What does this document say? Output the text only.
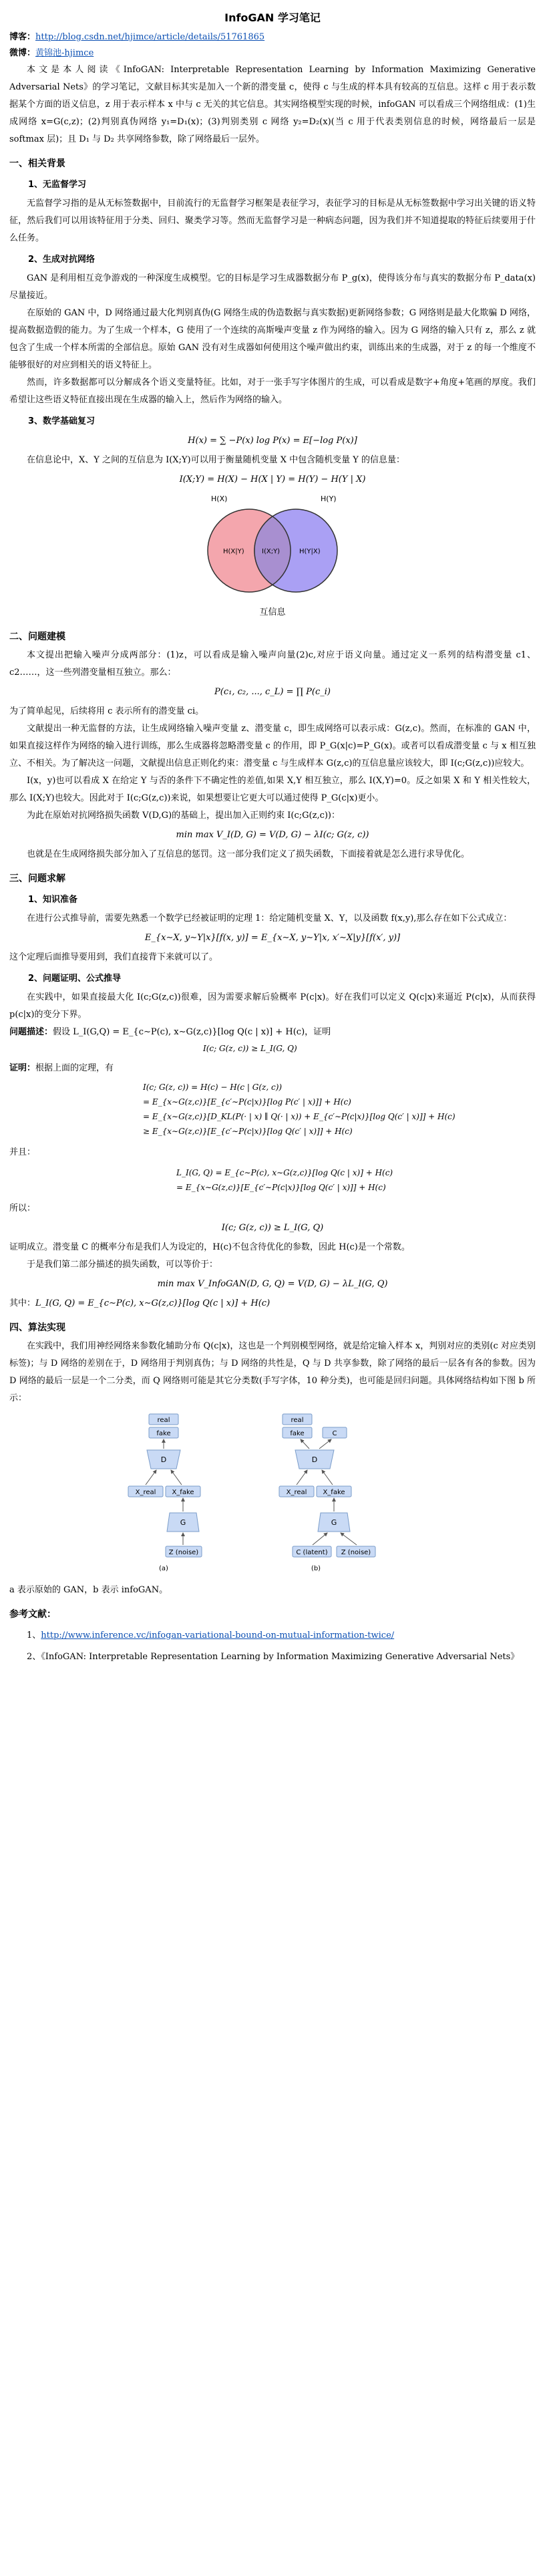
InfoGAN 学习笔记
博客：http://blog.csdn.net/hjimce/article/details/51761865
微博：黄锦池-hjimce

本文是本人阅读《InfoGAN: Interpretable Representation Learning by Information Maximizing Generative Adversarial Nets》的学习笔记，文献目标其实是加入一个新的潜变量 c，使得 c 与生成的样本具有较高的互信息。这样 c 用于表示数据某个方面的语义信息，z 用于表示样本 x 中与 c 无关的其它信息。其实网络模型实现的时候，infoGAN 可以看成三个网络组成：(1)生成网络 x=G(c,z)；(2)判别真伪网络 y₁=D₁(x)；(3)判别类别 c 网络 y₂=D₂(x)(当 c 用于代表类别信息的时候，网络最后一层是 softmax 层)；且 D₁ 与 D₂ 共享网络参数，除了网络最后一层外。

一、相关背景
1、无监督学习

无监督学习指的是从无标签数据中，目前流行的无监督学习框架是表征学习，表征学习的目标是从无标签数据中学习出关键的语义特征，然后我们可以用该特征用于分类、回归、聚类学习等。然而无监督学习是一种病态问题，因为我们并不知道提取的特征后续要用于什么任务。

2、生成对抗网络

GAN 是利用相互竞争游戏的一种深度生成模型。它的目标是学习生成器数据分布 P_g(x)，使得该分布与真实的数据分布 P_data(x)尽量接近。

在原始的 GAN 中，D 网络通过最大化判别真伪(G 网络生成的伪造数据与真实数据)更新网络参数；G 网络则是最大化欺骗 D 网络，提高数据造假的能力。为了生成一个样本，G 使用了一个连续的高斯噪声变量 z 作为网络的输入。因为 G 网络的输入只有 z，那么 z 就包含了生成一个样本所需的全部信息。原始 GAN 没有对生成器如何使用这个噪声做出约束，训练出来的生成器，对于 z 的每一个维度不能够很好的对应到相关的语义特征上。

然而，许多数据都可以分解成各个语义变量特征。比如，对于一张手写字体图片的生成，可以看成是数字+角度+笔画的厚度。我们希望让这些语义特征直接出现在生成器的输入上，然后作为网络的输入。

3、数学基础复习
H(x) = ∑ −P(x) log P(x) = E[−log P(x)]

在信息论中，X、Y 之间的互信息为 I(X;Y)可以用于衡量随机变量 X 中包含随机变量 Y 的信息量：

I(X;Y) = H(X) − H(X | Y) = H(Y) − H(Y | X)
H(X)	H(Y)
H(X|Y)	I(X;Y)	H(Y|X)
互信息
二、问题建模

本文提出把输入噪声分成两部分：(1)z，可以看成是输入噪声向量(2)c,对应于语义向量。通过定义一系列的结构潜变量 c1、c2……，这一些列潜变量相互独立。那么：

P(c₁, c₂, ..., c_L) = ∏ P(c_i)

为了简单起见，后续将用 c 表示所有的潜变量 ci。

文献提出一种无监督的方法，让生成网络输入噪声变量 z、潜变量 c，即生成网络可以表示成：G(z,c)。然而，在标准的 GAN 中，如果直接这样作为网络的输入进行训练，那么生成器将忽略潜变量 c 的作用，即 P_G(x|c)=P_G(x)。或者可以看成潜变量 c 与 x 相互独立、不相关。为了解决这一问题，文献提出信息正则化约束：潜变量 c 与生成样本 G(z,c)的互信息量应该较大，即 I(c;G(z,c))应较大。

I(x，y)也可以看成 X 在给定 Y 与否的条件下不确定性的差值,如果 X,Y 相互独立，那么 I(X,Y)=0。反之如果 X 和 Y 相关性较大，那么 I(X;Y)也较大。因此对于 I(c;G(z,c))来说，如果想要让它更大可以通过使得 P_G(c|x)更小。

为此在原始对抗网络损失函数 V(D,G)的基础上，提出加入正则约束 I(c;G(z,c))：

min max V_I(D, G) = V(D, G) − λI(c; G(z, c))

也就是在生成网络损失部分加入了互信息的惩罚。这一部分我们定义了损失函数，下面接着就是怎么进行求导优化。

三、问题求解
1、知识准备

在进行公式推导前，需要先熟悉一个数学已经被证明的定理 1：给定随机变量 X、Y，以及函数 f(x,y),那么存在如下公式成立：

E_{x∼X, y∼Y|x}[f(x, y)] = E_{x∼X, y∼Y|x, x′∼X|y}[f(x′, y)]

这个定理后面推导要用到，我们直接背下来就可以了。

2、问题证明、公式推导

在实践中，如果直接最大化 I(c;G(z,c))很难，因为需要求解后验概率 P(c|x)。好在我们可以定义 Q(c|x)来逼近 P(c|x)，从而获得 p(c|x)的变分下界。

问题描述：假设 L_I(G,Q) = E_{c∼P(c), x∼G(z,c)}[log Q(c | x)] + H(c)，证明

I(c; G(z, c)) ≥ L_I(G, Q)

证明：根据上面的定理，有

I(c; G(z, c)) = H(c) − H(c | G(z, c))
= E_{x∼G(z,c)}[E_{c′∼P(c|x)}[log P(c′ | x)]] + H(c)
= E_{x∼G(z,c)}[D_KL(P(· | x) ∥ Q(· | x)) + E_{c′∼P(c|x)}[log Q(c′ | x)]] + H(c)
≥ E_{x∼G(z,c)}[E_{c′∼P(c|x)}[log Q(c′ | x)]] + H(c)

并且：

L_I(G, Q) = E_{c∼P(c), x∼G(z,c)}[log Q(c | x)] + H(c)
= E_{x∼G(z,c)}[E_{c′∼P(c|x)}[log Q(c′ | x)]] + H(c)

所以：

I(c; G(z, c)) ≥ L_I(G, Q)

证明成立。潜变量 C 的概率分布是我们人为设定的，H(c)不包含待优化的参数，因此 H(c)是一个常数。

于是我们第二部分描述的损失函数，可以等价于：

min max V_InfoGAN(D, G, Q) = V(D, G) − λL_I(G, Q)

其中：L_I(G, Q) = E_{c∼P(c), x∼G(z,c)}[log Q(c | x)] + H(c)

四、算法实现

在实践中，我们用神经网络来参数化辅助分布 Q(c|x)，这也是一个判别模型网络，就是给定输入样本 x，判别对应的类别(c 对应类别标签)；与 D 网络的差别在于，D 网络用于判别真伪；与 D 网络的共性是，Q 与 D 共享参数，除了网络的最后一层各有各的参数。因为 D 网络的最后一层是一个二分类，而 Q 网络则可能是其它分类数(手写字体，10 种分类)，也可能是回归问题。具体网络结构如下图 b 所示：

real
fake
D
X_real X_fake
G
Z (noise)
(a)
real
fake	C
D
X_real X_fake
G
C (latent) Z (noise)
(b)

a 表示原始的 GAN，b 表示 infoGAN。

参考文献：

1、http://www.inference.vc/infogan-variational-bound-on-mutual-information-twice/

2、《InfoGAN: Interpretable Representation Learning by Information Maximizing Generative Adversarial Nets》
